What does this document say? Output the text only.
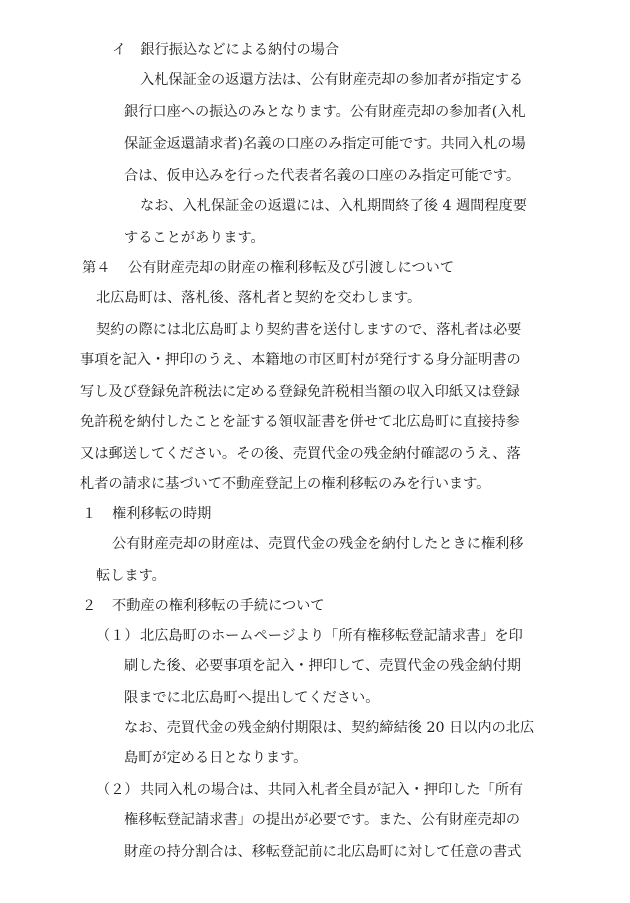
イ　銀行振込などによる納付の場合
入札保証金の返還方法は、公有財産売却の参加者が指定する
銀行口座への振込のみとなります。公有財産売却の参加者(入札
保証金返還請求者)名義の口座のみ指定可能です。共同入札の場
合は、仮申込みを行った代表者名義の口座のみ指定可能です。
なお、入札保証金の返還には、入札期間終了後 4 週間程度要
することがあります。
第４ 公有財産売却の財産の権利移転及び引渡しについて
北広島町は、落札後、落札者と契約を交わします。
契約の際には北広島町より契約書を送付しますので、落札者は必要
事項を記入・押印のうえ、本籍地の市区町村が発行する身分証明書の
写し及び登録免許税法に定める登録免許税相当額の収入印紙又は登録
免許税を納付したことを証する領収証書を併せて北広島町に直接持参
又は郵送してください。その後、売買代金の残金納付確認のうえ、落
札者の請求に基づいて不動産登記上の権利移転のみを行います。
１ 権利移転の時期
公有財産売却の財産は、売買代金の残金を納付したときに権利移
転します。
２ 不動産の権利移転の手続について
（１） 北広島町のホームページより「所有権移転登記請求書」を印
刷した後、必要事項を記入・押印して、売買代金の残金納付期
限までに北広島町へ提出してください。
なお、売買代金の残金納付期限は、契約締結後 20 日以内の北広
島町が定める日となります。
（２） 共同入札の場合は、共同入札者全員が記入・押印した「所有
権移転登記請求書」の提出が必要です。また、公有財産売却の
財産の持分割合は、移転登記前に北広島町に対して任意の書式
